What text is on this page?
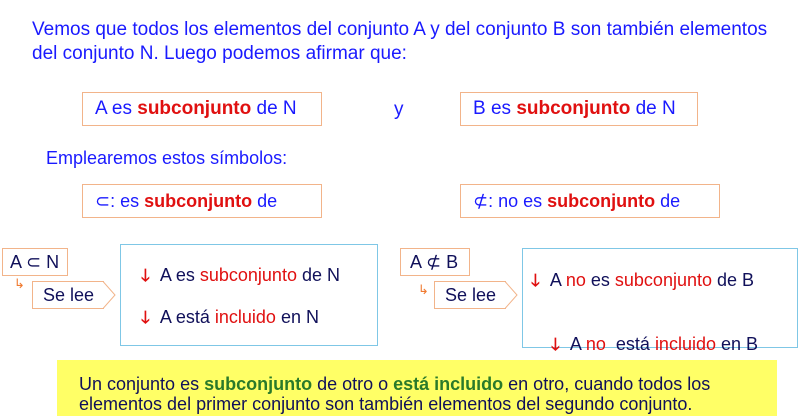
Vemos que todos los elementos del conjunto A y del conjunto B son también elementos del conjunto N. Luego podemos afirmar que:
A es subconjunto de N	y	B es subconjunto de N
Emplearemos estos símbolos:
⊂: es subconjunto de	⊄: no es subconjunto de
A ⊂ N
↳
Se lee
🡓 A es subconjunto de N
🡓 A está incluido en N
A ⊄ B
↳ Se lee
🡓 A no es subconjunto de B

🡓 A no  está incluido en B

Un conjunto es subconjunto de otro o está incluido en otro, cuando todos los elementos del primer conjunto son también elementos del segundo conjunto.
